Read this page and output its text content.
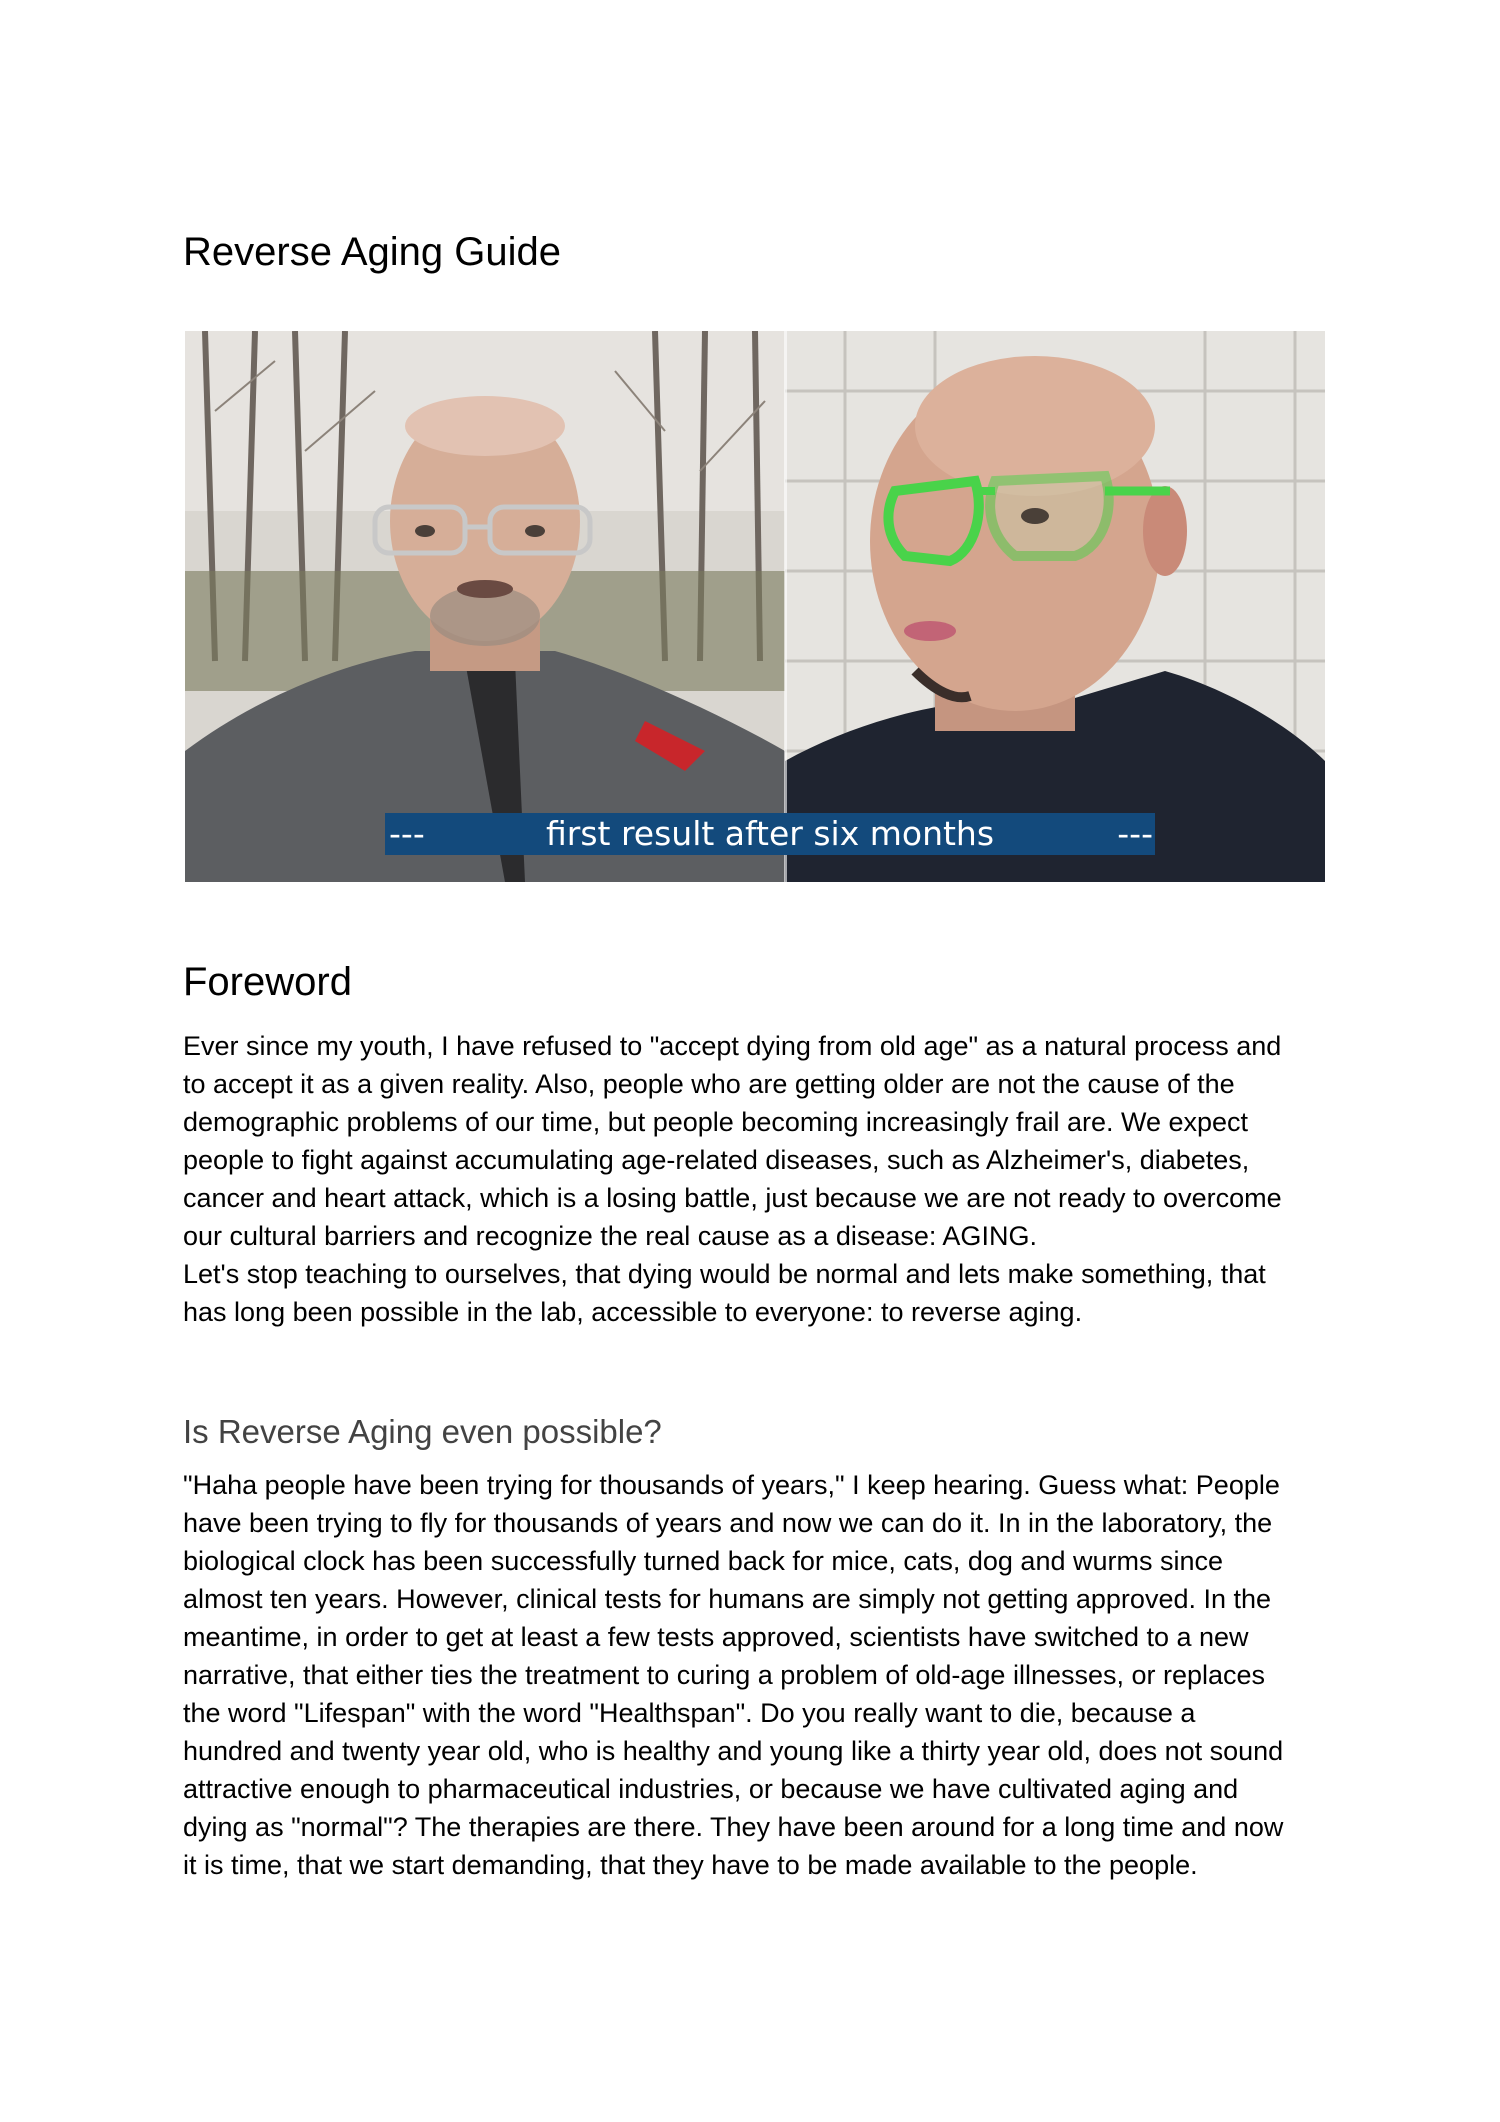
Reverse Aging Guide
---	first result after six months	---
Foreword

Ever since my youth, I have refused to "accept dying from old age" as a natural process and

to accept it as a given reality. Also, people who are getting older are not the cause of the

demographic problems of our time, but people becoming increasingly frail are. We expect

people to fight against accumulating age-related diseases, such as Alzheimer's, diabetes,

cancer and heart attack, which is a losing battle, just because we are not ready to overcome

our cultural barriers and recognize the real cause as a disease: AGING.

Let's stop teaching to ourselves, that dying would be normal and lets make something, that

has long been possible in the lab, accessible to everyone: to reverse aging.

Is Reverse Aging even possible?

"Haha people have been trying for thousands of years," I keep hearing. Guess what: People

have been trying to fly for thousands of years and now we can do it. In in the laboratory, the

biological clock has been successfully turned back for mice, cats, dog and wurms since

almost ten years. However, clinical tests for humans are simply not getting approved. In the

meantime, in order to get at least a few tests approved, scientists have switched to a new

narrative, that either ties the treatment to curing a problem of old-age illnesses, or replaces

the word "Lifespan" with the word "Healthspan". Do you really want to die, because a

hundred and twenty year old, who is healthy and young like a thirty year old, does not sound

attractive enough to pharmaceutical industries, or because we have cultivated aging and

dying as "normal"? The therapies are there. They have been around for a long time and now

it is time, that we start demanding, that they have to be made available to the people.
